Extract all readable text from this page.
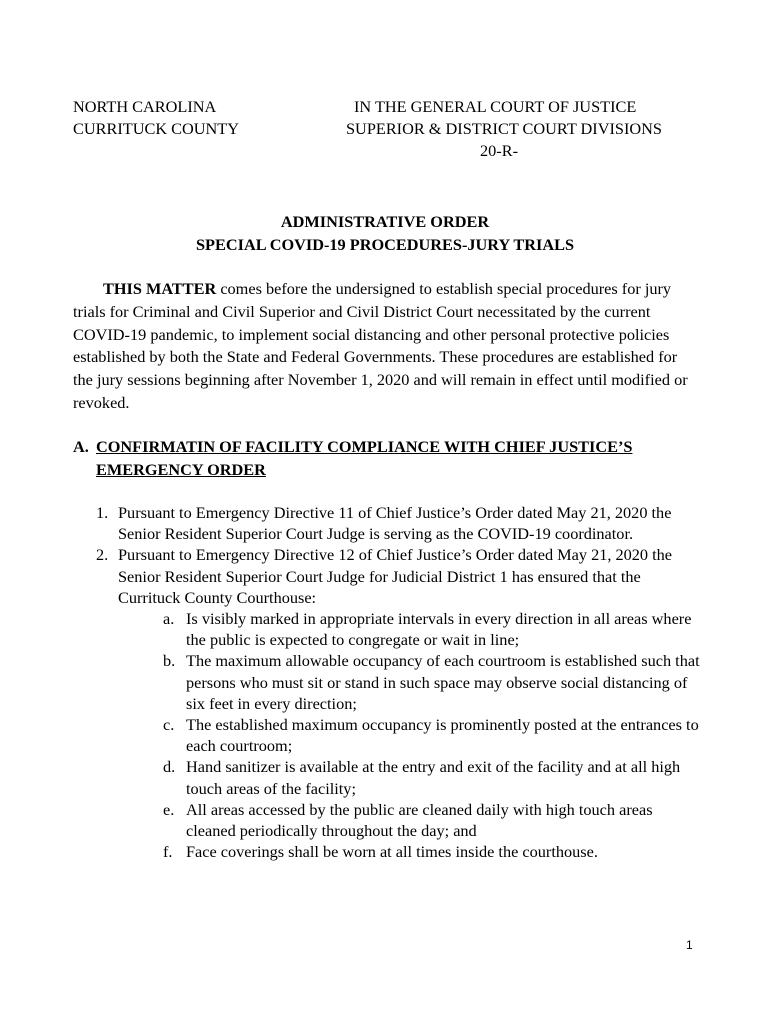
NORTH CAROLINA
CURRITUCK COUNTY
IN THE GENERAL COURT OF JUSTICE
SUPERIOR & DISTRICT COURT DIVISIONS
20-R-
ADMINISTRATIVE ORDER
SPECIAL COVID-19 PROCEDURES-JURY TRIALS

THIS MATTER comes before the undersigned to establish special procedures for jury trials for Criminal and Civil Superior and Civil District Court necessitated by the current COVID-19 pandemic, to implement social distancing and other personal protective policies established by both the State and Federal Governments. These procedures are established for the jury sessions beginning after November 1, 2020 and will remain in effect until modified or revoked.

A. CONFIRMATIN OF FACILITY COMPLIANCE WITH CHIEF JUSTICE’S EMERGENCY ORDER
1. Pursuant to Emergency Directive 11 of Chief Justice’s Order dated May 21, 2020 the Senior Resident Superior Court Judge is serving as the COVID-19 coordinator.
2. Pursuant to Emergency Directive 12 of Chief Justice’s Order dated May 21, 2020 the Senior Resident Superior Court Judge for Judicial District 1 has ensured that the Currituck County Courthouse:
a. Is visibly marked in appropriate intervals in every direction in all areas where the public is expected to congregate or wait in line;
b. The maximum allowable occupancy of each courtroom is established such that persons who must sit or stand in such space may observe social distancing of six feet in every direction;
c. The established maximum occupancy is prominently posted at the entrances to each courtroom;
d. Hand sanitizer is available at the entry and exit of the facility and at all high touch areas of the facility;
e. All areas accessed by the public are cleaned daily with high touch areas cleaned periodically throughout the day; and
f. Face coverings shall be worn at all times inside the courthouse.
1
